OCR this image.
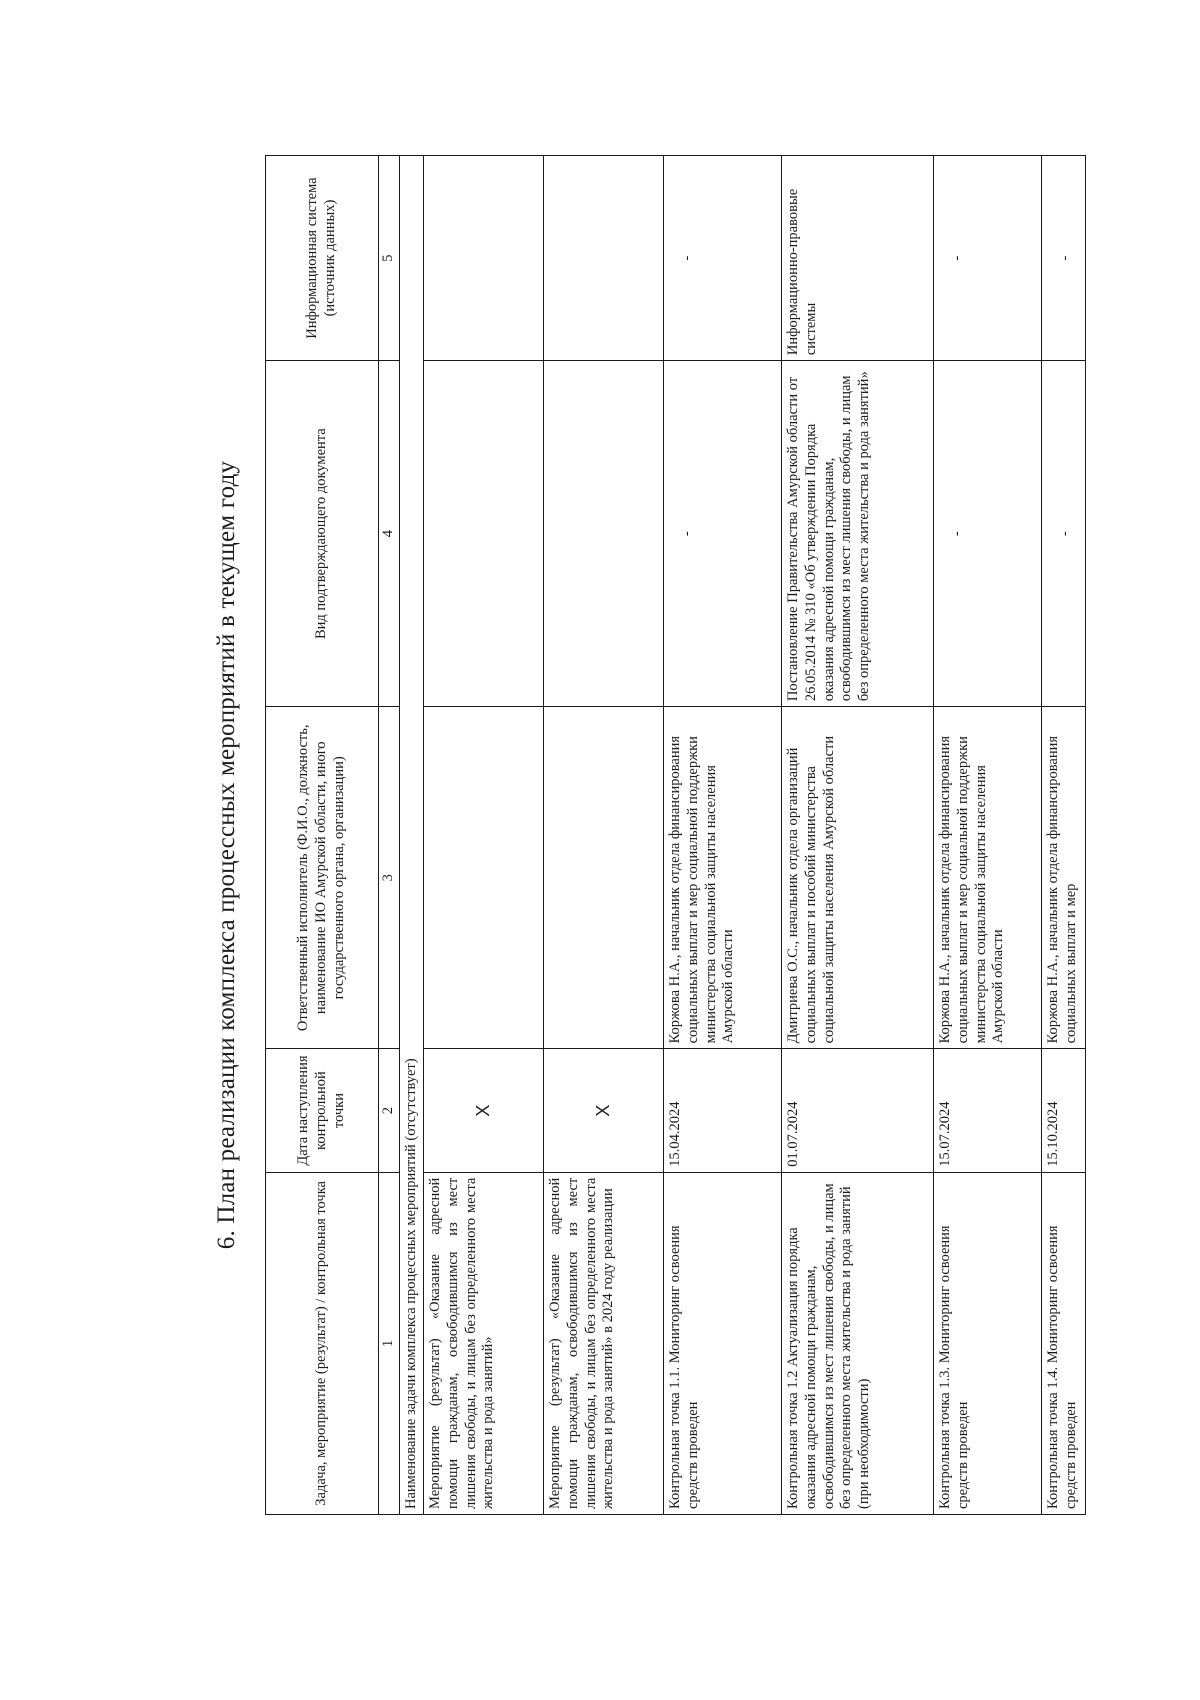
6. План реализации комплекса процессных мероприятий в текущем году
Задача, мероприятие (результат) / контрольная точка	Дата наступления контрольной точки	Ответственный исполнитель (Ф.И.О., должность, наименование ИО Амурской области, иного государственного органа, организации)	Вид подтверждающего документа	Информационная система (источник данных)
1	2	3	4	5
Наименование задачи комплекса процессных мероприятий (отсутствует)				
Мероприятие (результат) «Оказание адресной помощи гражданам, освободившимся из мест лишения свободы, и лицам без определенного места жительства и рода занятий»	Х			
Мероприятие (результат) «Оказание адресной помощи гражданам, освободившимся из мест лишения свободы, и лицам без определенного места жительства и рода занятий» в 2024 году реализации	Х			
Контрольная точка 1.1. Мониторинг освоения средств проведен	15.04.2024	Коржова Н.А., начальник отдела финансирования социальных выплат и мер социальной поддержки министерства социальной защиты населения Амурской области	-	-

Контрольная точка 1.2 Актуализация порядка оказания адресной помощи гражданам, освободившимся из мест лишения свободы, и лицам без определенного места жительства и рода занятий (при необходимости)	01.07.2024	Дмитриева О.С., начальник отдела организаций социальных выплат и пособий министерства социальной защиты населения Амурской области	Постановление Правительства Амурской области от 26.05.2014 № 310 «Об утверждении Порядка оказания адресной помощи гражданам, освободившимся из мест лишения свободы, и лицам без определенного места жительства и рода занятий»	Информационно-правовые системы
Контрольная точка 1.3. Мониторинг освоения средств проведен	15.07.2024	Коржова Н.А., начальник отдела финансирования социальных выплат и мер социальной поддержки министерства социальной защиты населения Амурской области	-	-

Контрольная точка 1.4. Мониторинг освоения средств проведен	15.10.2024	Коржова Н.А., начальник отдела финансирования социальных выплат и мер	-	-
